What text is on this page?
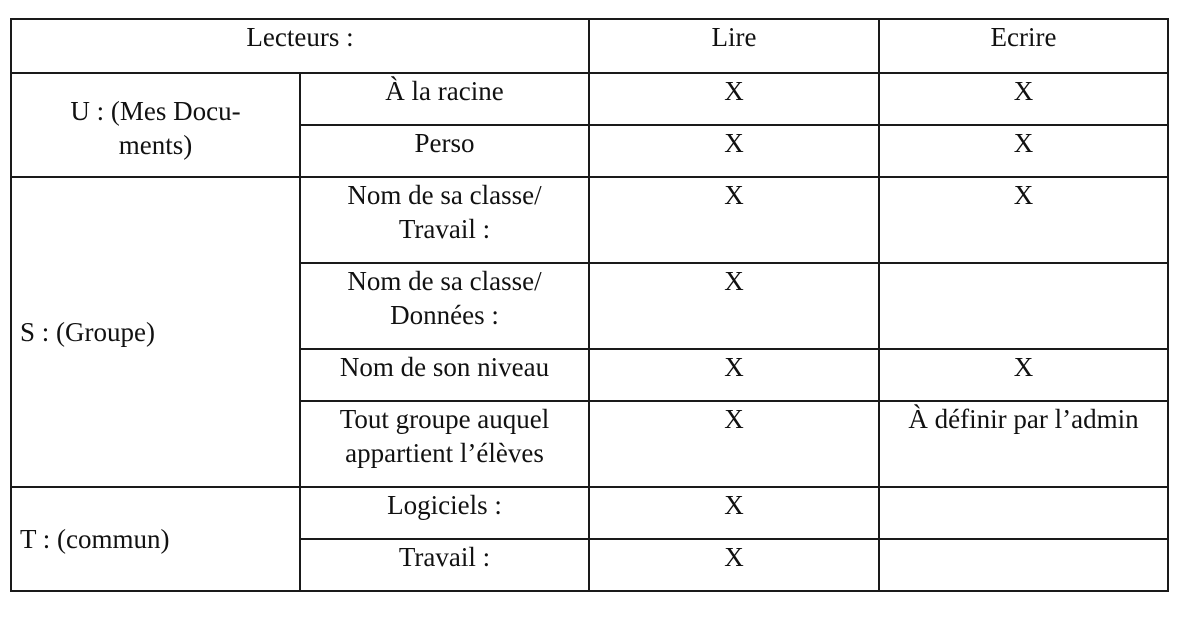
Lecteurs :		Lire	Ecrire
U : (Mes Docu-
ments)	À la racine	X	X
	Perso	X	X
S : (Groupe)	Nom de sa classe/
Travail :	X	X
	Nom de sa classe/
Données :	X	
	Nom de son niveau	X	X
	Tout groupe auquel
appartient l’élèves	X	À définir par l’admin
T : (commun)	Logiciels :	X	
	Travail :	X	
